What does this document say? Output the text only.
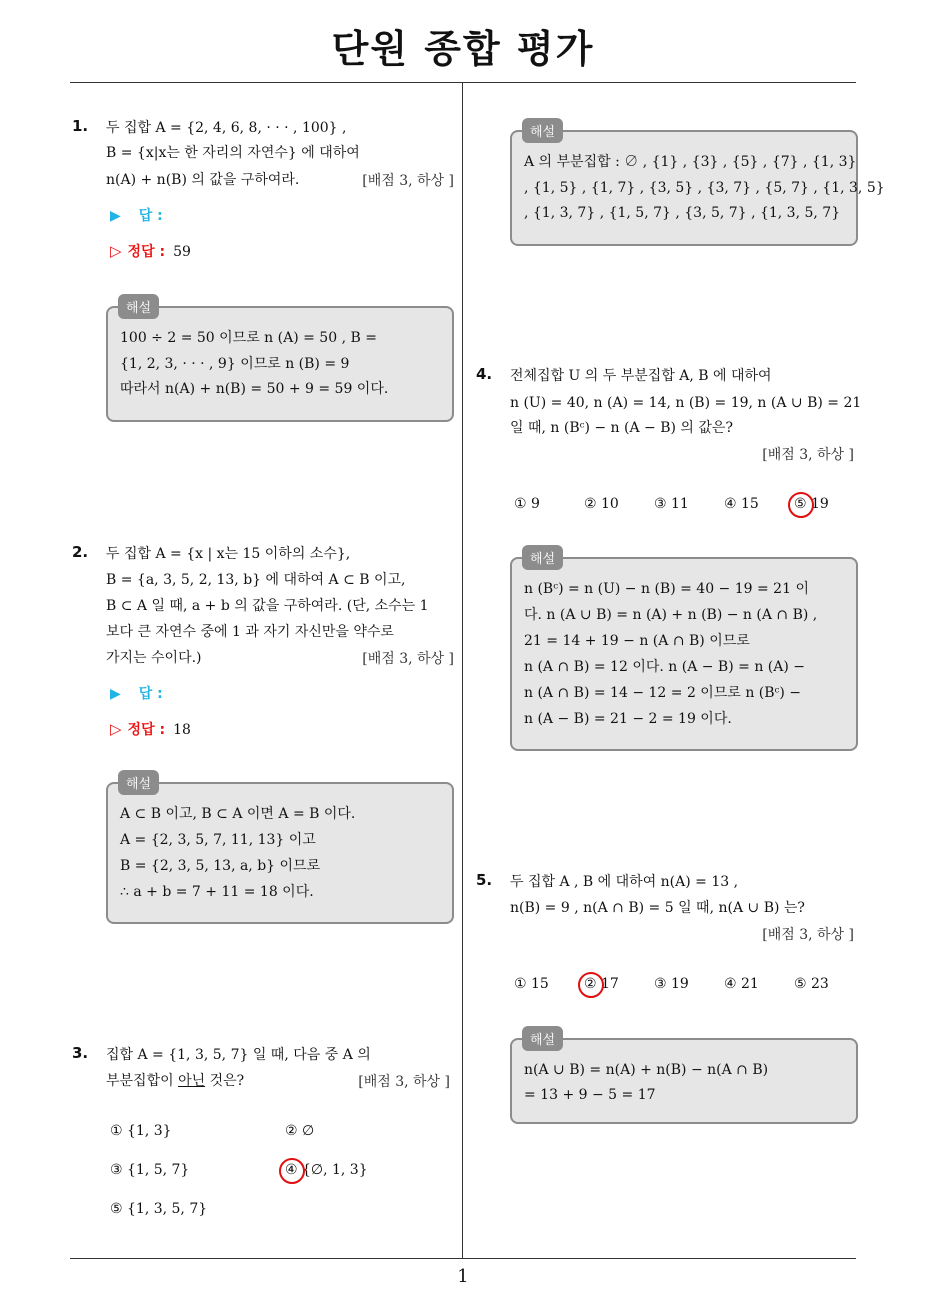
단원 종합 평가
1
1. 두 집합 A = {2, 4, 6, 8, · · · , 100} ,
B = {x|x는 한 자리의 자연수} 에 대하여
n(A) + n(B) 의 값을 구하여라.	[배점 3, 하상 ]
▶ 답 :
▷ 정답 : 59
해설
100 ÷ 2 = 50 이므로 n (A) = 50 , B =
{1, 2, 3, · · · , 9} 이므로 n (B) = 9
따라서 n(A) + n(B) = 50 + 9 = 59 이다.
2. 두 집합 A = {x | x는 15 이하의 소수},
B = {a, 3, 5, 2, 13, b} 에 대하여 A ⊂ B 이고,
B ⊂ A 일 때, a + b 의 값을 구하여라. (단, 소수는 1
보다 큰 자연수 중에 1 과 자기 자신만을 약수로
가지는 수이다.)	[배점 3, 하상 ]
▶ 답 :
▷ 정답 : 18
해설
A ⊂ B 이고, B ⊂ A 이면 A = B 이다.
A = {2, 3, 5, 7, 11, 13} 이고
B = {2, 3, 5, 13, a, b} 이므로
∴ a + b = 7 + 11 = 18 이다.
3. 집합 A = {1, 3, 5, 7} 일 때, 다음 중 A 의
부분집합이 아닌 것은?	[배점 3, 하상 ]
① {1, 3}	② ∅
③ {1, 5, 7}	④ {∅, 1, 3}
⑤ {1, 3, 5, 7}
해설
A 의 부분집합 : ∅ , {1} , {3} , {5} , {7} , {1, 3}
, {1, 5} , {1, 7} , {3, 5} , {3, 7} , {5, 7} , {1, 3, 5}
, {1, 3, 7} , {1, 5, 7} , {3, 5, 7} , {1, 3, 5, 7}
4. 전체집합 U 의 두 부분집합 A, B 에 대하여
n (U) = 40, n (A) = 14, n (B) = 19, n (A ∪ B) = 21
일 때, n (Bᶜ) − n (A − B) 의 값은?
[배점 3, 하상 ]
① 9	② 10	③ 11	④ 15	⑤ 19
해설
n (Bᶜ) = n (U) − n (B) = 40 − 19 = 21 이
다. n (A ∪ B) = n (A) + n (B) − n (A ∩ B) ,
21 = 14 + 19 − n (A ∩ B) 이므로
n (A ∩ B) = 12 이다. n (A − B) = n (A) −
n (A ∩ B) = 14 − 12 = 2 이므로 n (Bᶜ) −
n (A − B) = 21 − 2 = 19 이다.
5. 두 집합 A , B 에 대하여 n(A) = 13 ,
n(B) = 9 , n(A ∩ B) = 5 일 때, n(A ∪ B) 는?
[배점 3, 하상 ]
① 15	② 17	③ 19	④ 21	⑤ 23
해설
n(A ∪ B) = n(A) + n(B) − n(A ∩ B)
= 13 + 9 − 5 = 17
